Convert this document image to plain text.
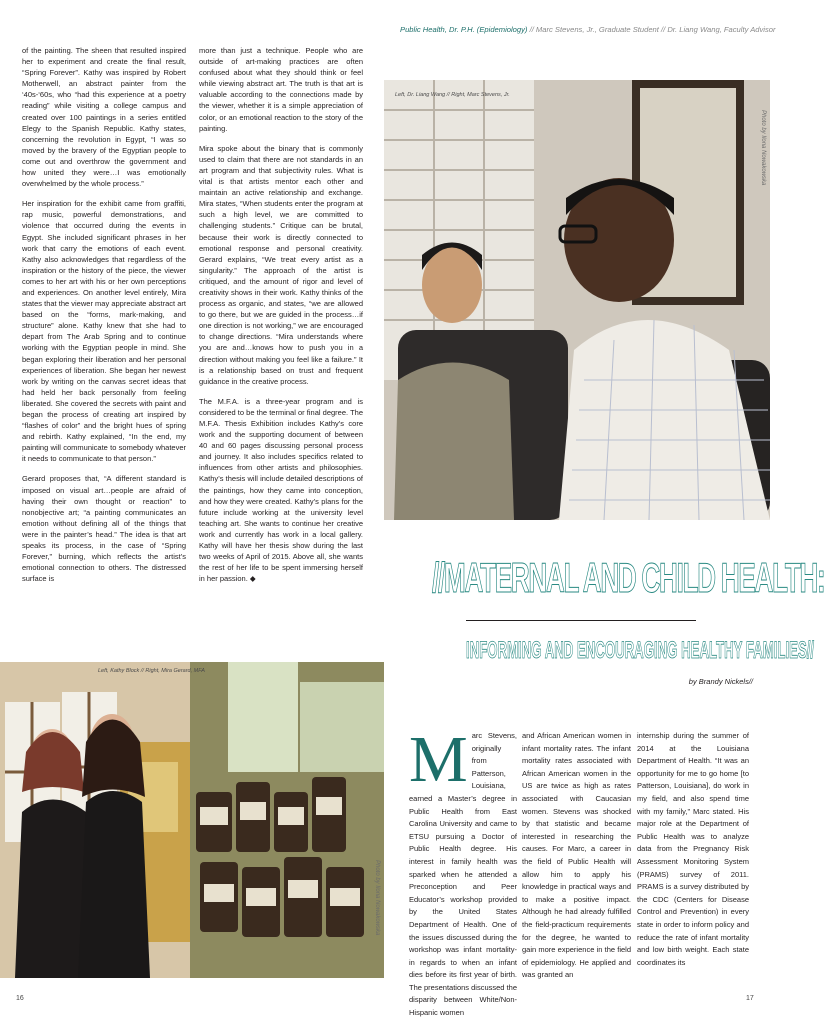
Public Health, Dr. P.H. (Epidemiology) // Marc Stevens, Jr., Graduate Student // Dr. Liang Wang, Faculty Advisor

of the painting. The sheen that resulted inspired her to experiment and create the final result, “Spring Forever”. Kathy was inspired by Robert Motherwell, an abstract painter from the ‘40s-‘60s, who “had this experience at a poetry reading” while visiting a college campus and created over 100 paintings in a series entitled Elegy to the Spanish Republic. Kathy states, concerning the revolution in Egypt, “I was so moved by the bravery of the Egyptian people to come out and overthrow the government and how united they were…I was emotionally overwhelmed by the whole process.”

Her inspiration for the exhibit came from graffiti, rap music, powerful demonstrations, and violence that occurred during the events in Egypt. She included significant phrases in her work that carry the emotions of each event. Kathy also acknowledges that regardless of the inspiration or the history of the piece, the viewer comes to her art with his or her own perceptions and experiences. On another level entirely, Mira states that the viewer may appreciate abstract art based on the “forms, mark-making, and structure” alone. Kathy knew that she had to depart from The Arab Spring and to continue working with the Egyptian people in mind. She began exploring their liberation and her personal experiences of liberation. She began her newest work by writing on the canvas secret ideas that had held her back personally from feeling liberated. She covered the secrets with paint and began the process of creating art inspired by “flashes of color” and the bright hues of spring and rebirth. Kathy explained, “In the end, my painting will communicate to somebody whatever it needs to communicate to that person.”

Gerard proposes that, “A different standard is imposed on visual art…people are afraid of having their own thought or reaction” to nonobjective art; “a painting communicates an emotion without defining all of the things that were in the painter’s head.” The idea is that art speaks its process, in the case of “Spring Forever,” burning, which reflects the artist’s emotional connection to others. The distressed surface is

more than just a technique. People who are outside of art-making practices are often confused about what they should think or feel while viewing abstract art. The truth is that art is valuable according to the connections made by the viewer, whether it is a simple appreciation of color, or an emotional reaction to the story of the painting.

Mira spoke about the binary that is commonly used to claim that there are not standards in an art program and that subjectivity rules. What is vital is that artists mentor each other and maintain an active relationship and exchange. Mira states, “When students enter the program at such a high level, we are committed to challenging students.” Critique can be brutal, because their work is directly connected to emotional response and personal creativity. Gerard explains, “We treat every artist as a singularity.” The approach of the artist is critiqued, and the amount of rigor and level of creativity shows in their work. Kathy thinks of the process as organic, and states, “we are allowed to go there, but we are guided in the process…if one direction is not working,” we are encouraged to change directions. “Mira understands where you are and…knows how to push you in a direction without making you feel like a failure.” It is a relationship based on trust and frequent guidance in the creative process.

The M.F.A. is a three-year program and is considered to be the terminal or final degree. The M.F.A. Thesis Exhibition includes Kathy’s core work and the supporting document of between 40 and 60 pages discussing personal process and journey. It also includes specifics related to influences from other artists and philosophies. Kathy’s thesis will include detailed descriptions of the paintings, how they came into conception, and how they were created. Kathy’s plans for the future include working at the university level teaching art. She wants to continue her creative work and currently has work in a local gallery. Kathy will have her thesis show during the last two weeks of April of 2015. Above all, she wants the rest of her life to be spent immersing herself in her passion. ◆

Left, Dr. Liang Wang // Right, Marc Stevens, Jr.
Photo by Ilona Nowakowska
//MATERNAL AND CHILD HEALTH:
INFORMING AND ENCOURAGING HEALTHY FAMILIES//
by Brandy Nickels//
Left, Kathy Block // Right, Mira Gerard, MFA
Photo by Ilona Nowakowska
Marc Stevens, originally from Patterson, Louisiana, earned a Master’s degree in Public Health from East Carolina University and came to ETSU pursuing a Doctor of Public Health degree. His interest in family health was sparked when he attended a Preconception and Peer Educator’s workshop provided by the United States Department of Health. One of the issues discussed during the workshop was infant mortality- in regards to when an infant dies before its first year of birth. The presentations discussed the disparity between White/Non-Hispanic women
and African American women in infant mortality rates. The infant mortality rates associated with African American women in the US are twice as high as rates associated with Caucasian women. Stevens was shocked by that statistic and became interested in researching the causes. For Marc, a career in the field of Public Health will allow him to apply his knowledge in practical ways and to make a positive impact. Although he had already fulfilled the field-practicum requirements for the degree, he wanted to gain more experience in the field of epidemiology. He applied and was granted an
internship during the summer of 2014 at the Louisiana Department of Health. “It was an opportunity for me to go home [to Patterson, Louisiana], do work in my field, and also spend time with my family,” Marc stated. His major role at the Department of Public Health was to analyze data from the Pregnancy Risk Assessment Monitoring System (PRAMS) survey of 2011. PRAMS is a survey distributed by the CDC (Centers for Disease Control and Prevention) in every state in order to inform policy and reduce the rate of infant mortality and low birth weight. Each state coordinates its
16	17
